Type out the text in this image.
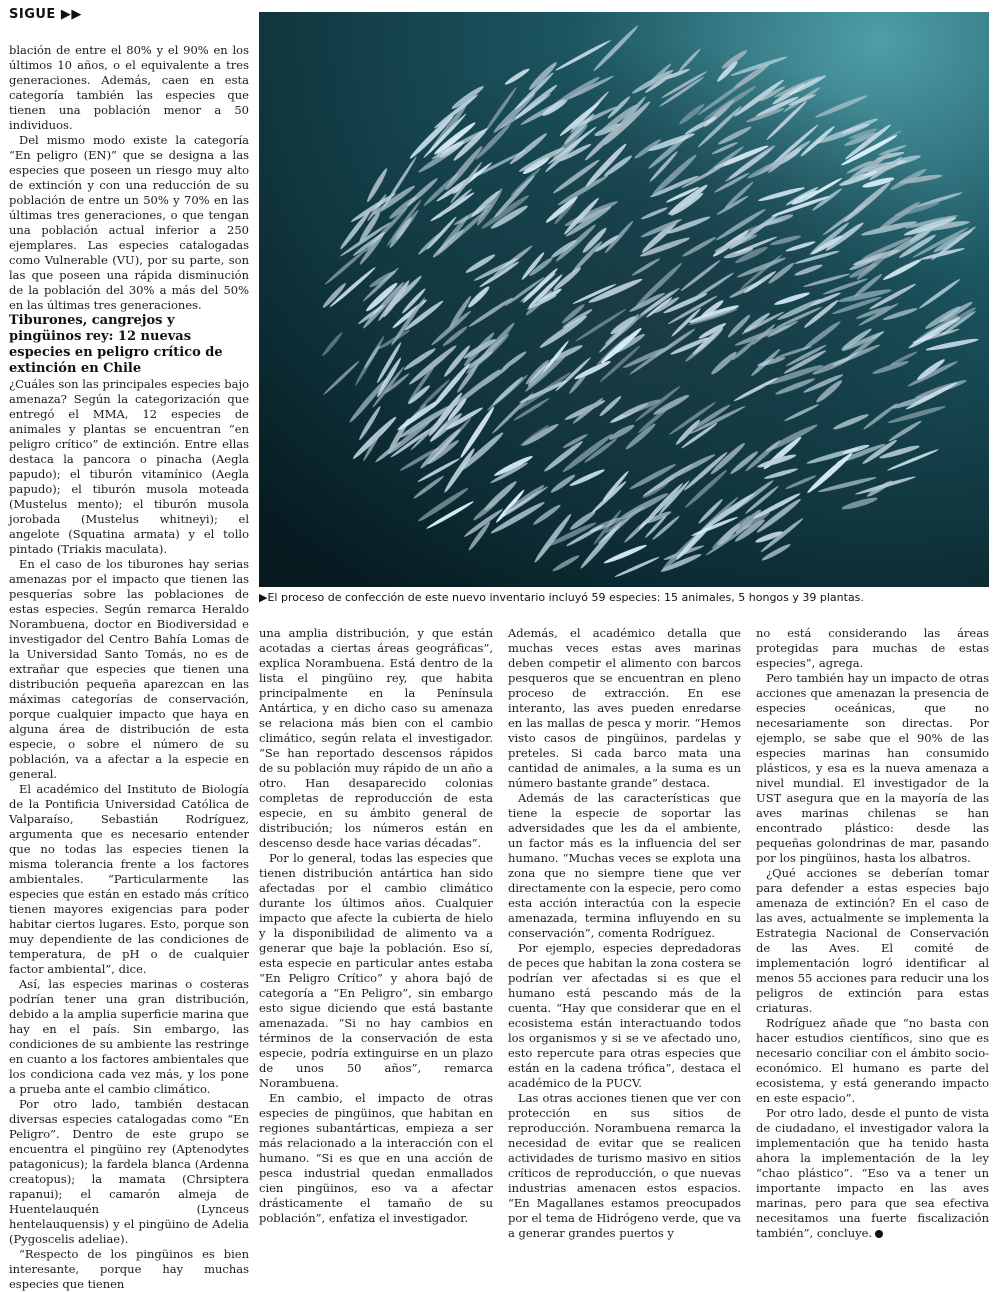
SIGUE ▶▶
▶El proceso de confección de este nuevo inventario incluyó 59 especies: 15 animales, 5 hongos y 39 plantas.

blación de entre el 80% y el 90% en los últimos 10 años, o el equivalente a tres generaciones. Además, caen en esta categoría también las especies que tienen una población menor a 50 individuos.

Del mismo modo existe la categoría “En peligro (EN)” que se designa a las especies que poseen un riesgo muy alto de extinción y con una reducción de su población de entre un 50% y 70% en las últimas tres generaciones, o que tengan una población actual inferior a 250 ejemplares. Las especies catalogadas como Vulnerable (VU), por su parte, son las que poseen una rápida disminución de la población del 30% a más del 50% en las últimas tres generaciones.

Tiburones, cangrejos y pingüinos rey: 12 nuevas especies en peligro crítico de extinción en Chile

¿Cuáles son las principales especies bajo amenaza? Según la categorización que entregó el MMA, 12 especies de animales y plantas se encuentran “en peligro crítico” de extinción. Entre ellas destaca la pancora o pinacha (Aegla papudo); el tiburón vitamínico (Aegla papudo); el tiburón musola moteada (Mustelus mento); el tiburón musola jorobada (Mustelus whitneyi); el angelote (Squatina armata) y el tollo pintado (Triakis maculata).

En el caso de los tiburones hay serias amenazas por el impacto que tienen las pesquerías sobre las poblaciones de estas especies. Según remarca Heraldo Norambuena, doctor en Biodiversidad e investigador del Centro Bahía Lomas de la Universidad Santo Tomás, no es de extrañar que especies que tienen una distribución pequeña aparezcan en las máximas categorías de conservación, porque cualquier impacto que haya en alguna área de distribución de esta especie, o sobre el número de su población, va a afectar a la especie en general.

El académico del Instituto de Biología de la Pontificia Universidad Católica de Valparaíso, Sebastián Rodríguez, argumenta que es necesario entender que no todas las especies tienen la misma tolerancia frente a los factores ambientales. “Particularmente las especies que están en estado más crítico tienen mayores exigencias para poder habitar ciertos lugares. Esto, porque son muy dependiente de las condiciones de temperatura, de pH o de cualquier factor ambiental”, dice.

Así, las especies marinas o costeras podrían tener una gran distribución, debido a la amplia superficie marina que hay en el país. Sin embargo, las condiciones de su ambiente las restringe en cuanto a los factores ambientales que los condiciona cada vez más, y los pone a prueba ante el cambio climático.

Por otro lado, también destacan diversas especies catalogadas como “En Peligro”. Dentro de este grupo se encuentra el pingüino rey (Aptenodytes patagonicus); la fardela blanca (Ardenna creatopus); la mamata (Chrsiptera rapanui); el camarón almeja de Huentelauquén (Lynceus hentelauquensis) y el pingüino de Adelia (Pygoscelis adeliae).

“Respecto de los pingüinos es bien interesante, porque hay muchas especies que tienen

una amplia distribución, y que están acotadas a ciertas áreas geográficas”, explica Norambuena. Está dentro de la lista el pingüino rey, que habita principalmente en la Península Antártica, y en dicho caso su amenaza se relaciona más bien con el cambio climático, según relata el investigador. “Se han reportado descensos rápidos de su población muy rápido de un año a otro. Han desaparecido colonias completas de reproducción de esta especie, en su ámbito general de distribución; los números están en descenso desde hace varias décadas”.

Por lo general, todas las especies que tienen distribución antártica han sido afectadas por el cambio climático durante los últimos años. Cualquier impacto que afecte la cubierta de hielo y la disponibilidad de alimento va a generar que baje la población. Eso sí, esta especie en particular antes estaba “En Peligro Crítico” y ahora bajó de categoría a “En Peligro”, sin embargo esto sigue diciendo que está bastante amenazada. “Si no hay cambios en términos de la conservación de esta especie, podría extinguirse en un plazo de unos 50 años”, remarca Norambuena.

En cambio, el impacto de otras especies de pingüinos, que habitan en regiones subantárticas, empieza a ser más relacionado a la interacción con el humano. “Si es que en una acción de pesca industrial quedan enmallados cien pingüinos, eso va a afectar drásticamente el tamaño de su población”, enfatiza el investigador.

Además, el académico detalla que muchas veces estas aves marinas deben competir el alimento con barcos pesqueros que se encuentran en pleno proceso de extracción. En ese interanto, las aves pueden enredarse en las mallas de pesca y morir. “Hemos visto casos de pingüinos, pardelas y preteles. Si cada barco mata una cantidad de animales, a la suma es un número bastante grande” destaca.

Además de las características que tiene la especie de soportar las adversidades que les da el ambiente, un factor más es la influencia del ser humano. “Muchas veces se explota una zona que no siempre tiene que ver directamente con la especie, pero como esta acción interactúa con la especie amenazada, termina influyendo en su conservación”, comenta Rodríguez.

Por ejemplo, especies depredadoras de peces que habitan la zona costera se podrían ver afectadas si es que el humano está pescando más de la cuenta. “Hay que considerar que en el ecosistema están interactuando todos los organismos y si se ve afectado uno, esto repercute para otras especies que están en la cadena trófica”, destaca el académico de la PUCV.

Las otras acciones tienen que ver con protección en sus sitios de reproducción. Norambuena remarca la necesidad de evitar que se realicen actividades de turismo masivo en sitios críticos de reproducción, o que nuevas industrias amenacen estos espacios. “En Magallanes estamos preocupados por el tema de Hidrógeno verde, que va a generar grandes puertos y

no está considerando las áreas protegidas para muchas de estas especies”, agrega.

Pero también hay un impacto de otras acciones que amenazan la presencia de especies oceánicas, que no necesariamente son directas. Por ejemplo, se sabe que el 90% de las especies marinas han consumido plásticos, y esa es la nueva amenaza a nivel mundial. El investigador de la UST asegura que en la mayoría de las aves marinas chilenas se han encontrado plástico: desde las pequeñas golondrinas de mar, pasando por los pingüinos, hasta los albatros.

¿Qué acciones se deberían tomar para defender a estas especies bajo amenaza de extinción? En el caso de las aves, actualmente se implementa la Estrategia Nacional de Conservación de las Aves. El comité de implementación logró identificar al menos 55 acciones para reducir una los peligros de extinción para estas criaturas.

Rodríguez añade que “no basta con hacer estudios científicos, sino que es necesario conciliar con el ámbito socio-económico. El humano es parte del ecosistema, y está generando impacto en este espacio”.

Por otro lado, desde el punto de vista de ciudadano, el investigador valora la implementación que ha tenido hasta ahora la implementación de la ley “chao plástico”. “Eso va a tener un importante impacto en las aves marinas, pero para que sea efectiva necesitamos una fuerte fiscalización también”, concluye.
